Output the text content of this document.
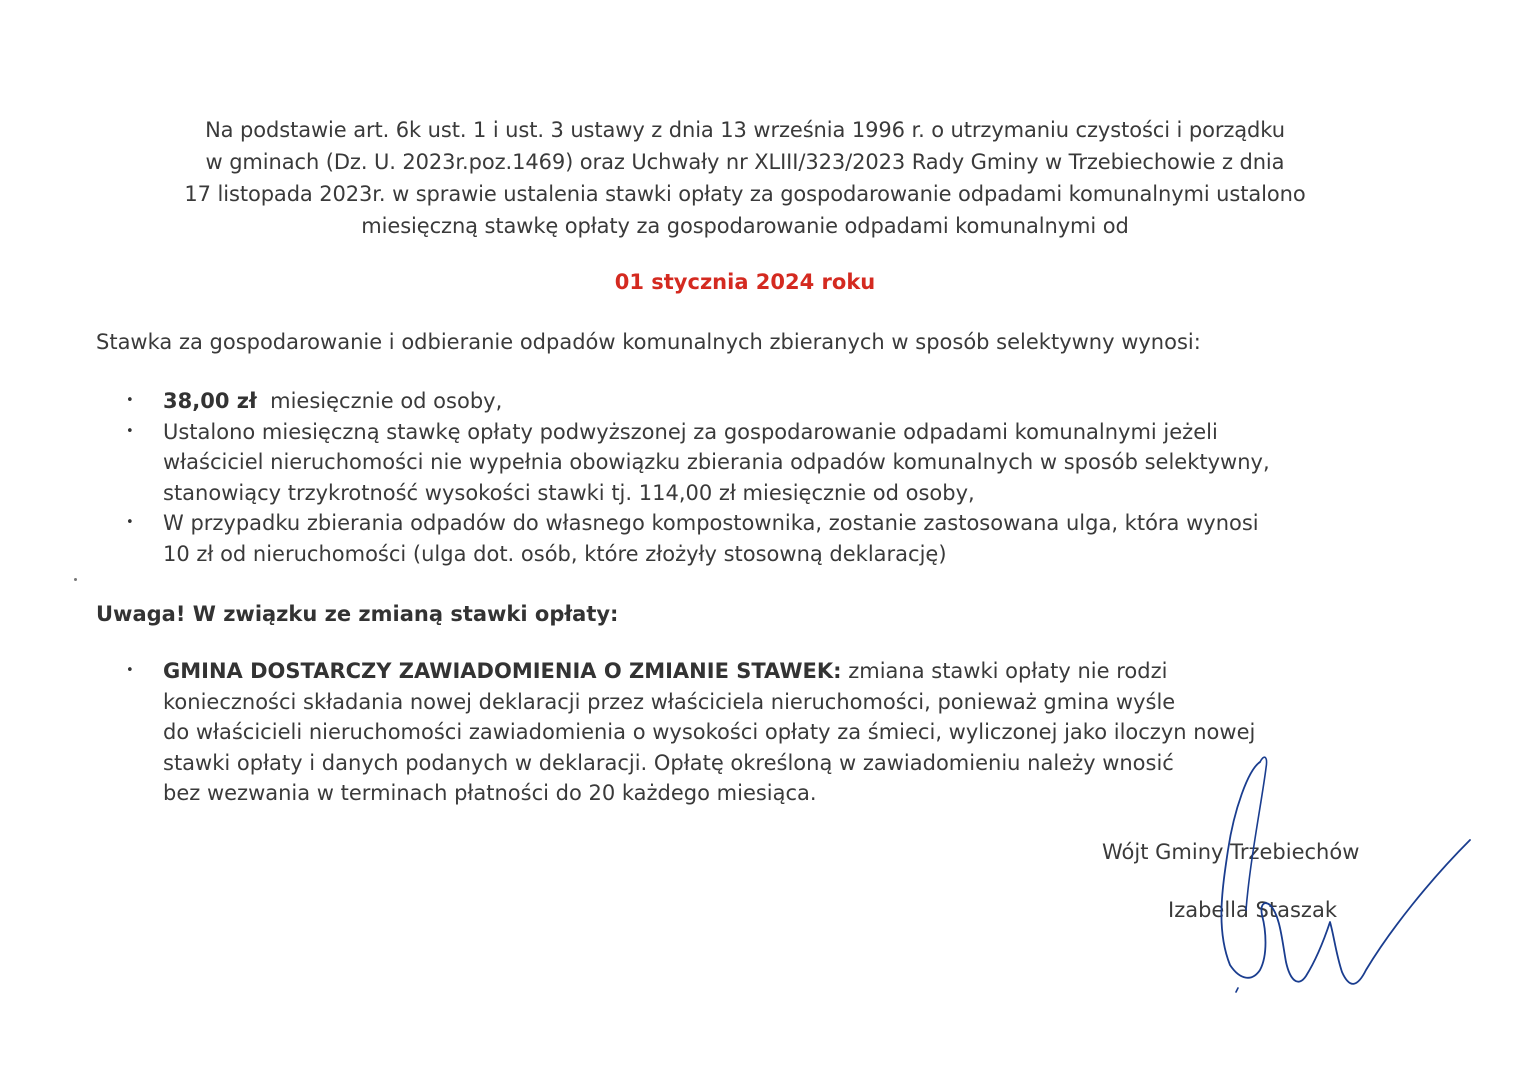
Na podstawie art. 6k ust. 1 i ust. 3 ustawy z dnia 13 września 1996 r. o utrzymaniu czystości i porządku
w gminach (Dz. U. 2023r.poz.1469) oraz Uchwały nr XLIII/323/2023 Rady Gminy w Trzebiechowie z dnia
17 listopada 2023r. w sprawie ustalenia stawki opłaty za gospodarowanie odpadami komunalnymi ustalono
miesięczną stawkę opłaty za gospodarowanie odpadami komunalnymi od
01 stycznia 2024 roku
Stawka za gospodarowanie i odbieranie odpadów komunalnych zbieranych w sposób selektywny wynosi:
• 38,00 zł  miesięcznie od osoby,
• Ustalono miesięczną stawkę opłaty podwyższonej za gospodarowanie odpadami komunalnymi jeżeli
właściciel nieruchomości nie wypełnia obowiązku zbierania odpadów komunalnych w sposób selektywny,
stanowiący trzykrotność wysokości stawki tj. 114,00 zł miesięcznie od osoby,
• W przypadku zbierania odpadów do własnego kompostownika, zostanie zastosowana ulga, która wynosi
10 zł od nieruchomości (ulga dot. osób, które złożyły stosowną deklarację)
Uwaga! W związku ze zmianą stawki opłaty:
• GMINA DOSTARCZY ZAWIADOMIENIA O ZMIANIE STAWEK: zmiana stawki opłaty nie rodzi
konieczności składania nowej deklaracji przez właściciela nieruchomości, ponieważ gmina wyśle
do właścicieli nieruchomości zawiadomienia o wysokości opłaty za śmieci, wyliczonej jako iloczyn nowej
stawki opłaty i danych podanych w deklaracji. Opłatę określoną w zawiadomieniu należy wnosić
bez wezwania w terminach płatności do 20 każdego miesiąca.
Wójt Gminy Trzebiechów
Izabella Staszak
